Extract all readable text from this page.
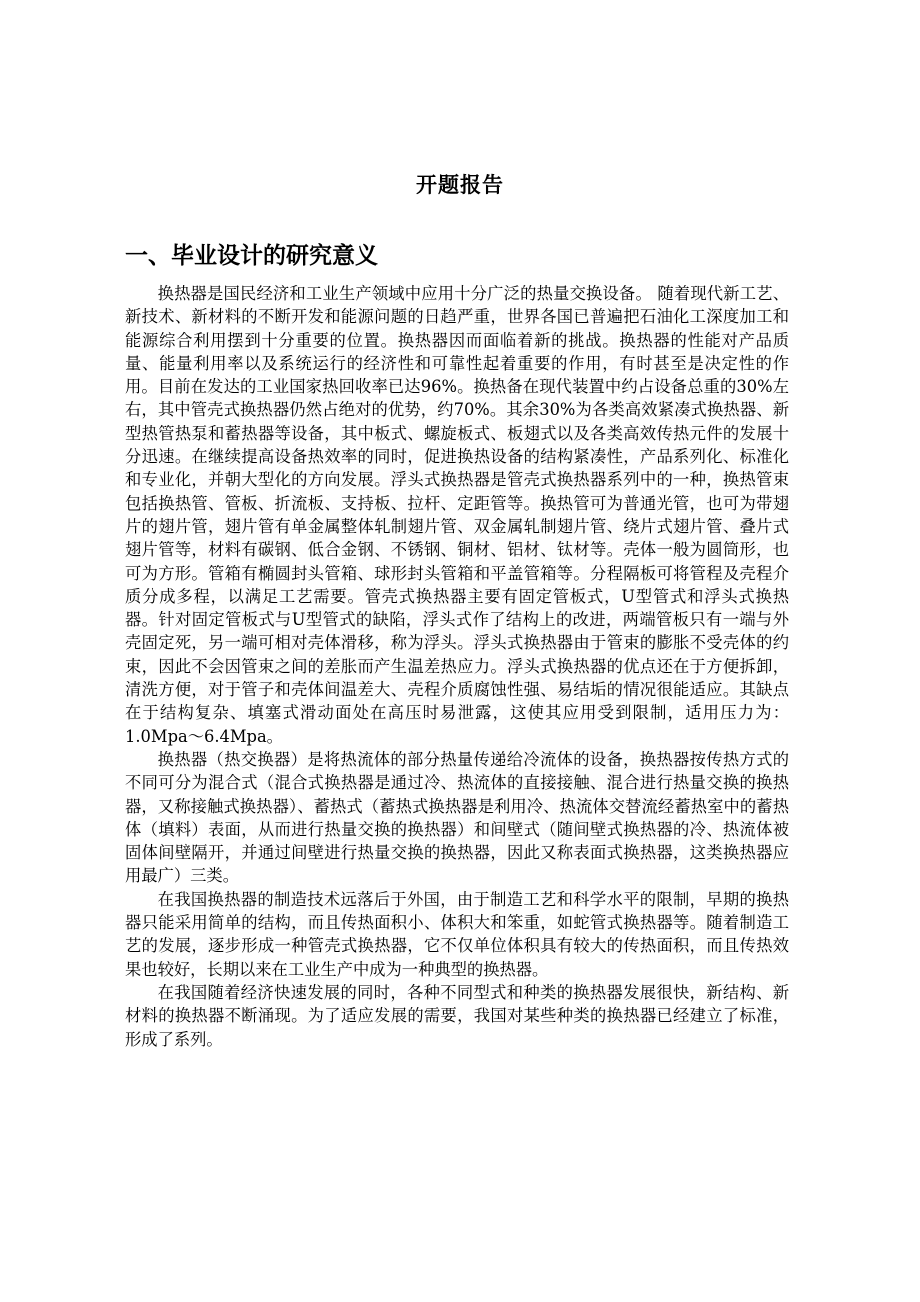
开题报告
一、毕业设计的研究意义

换热器是国民经济和工业生产领域中应用十分广泛的热量交换设备。 随着现代新工艺、新技术、新材料的不断开发和能源问题的日趋严重，世界各国已普遍把石油化工深度加工和能源综合利用摆到十分重要的位置。换热器因而面临着新的挑战。换热器的性能对产品质量、能量利用率以及系统运行的经济性和可靠性起着重要的作用，有时甚至是决定性的作用。目前在发达的工业国家热回收率已达96%。换热备在现代装置中约占设备总重的30%左右，其中管壳式换热器仍然占绝对的优势，约70%。其余30%为各类高效紧凑式换热器、新型热管热泵和蓄热器等设备，其中板式、螺旋板式、板翅式以及各类高效传热元件的发展十分迅速。在继续提高设备热效率的同时，促进换热设备的结构紧凑性，产品系列化、标准化和专业化，并朝大型化的方向发展。浮头式换热器是管壳式换热器系列中的一种，换热管束包括换热管、管板、折流板、支持板、拉杆、定距管等。换热管可为普通光管，也可为带翅片的翅片管，翅片管有单金属整体轧制翅片管、双金属轧制翅片管、绕片式翅片管、叠片式翅片管等，材料有碳钢、低合金钢、不锈钢、铜材、铝材、钛材等。壳体一般为圆筒形，也可为方形。管箱有椭圆封头管箱、球形封头管箱和平盖管箱等。分程隔板可将管程及壳程介质分成多程，以满足工艺需要。管壳式换热器主要有固定管板式，U型管式和浮头式换热器。针对固定管板式与U型管式的缺陷，浮头式作了结构上的改进，两端管板只有一端与外壳固定死，另一端可相对壳体滑移，称为浮头。浮头式换热器由于管束的膨胀不受壳体的约束，因此不会因管束之间的差胀而产生温差热应力。浮头式换热器的优点还在于方便拆卸，清洗方便，对于管子和壳体间温差大、壳程介质腐蚀性强、易结垢的情况很能适应。其缺点在于结构复杂、填塞式滑动面处在高压时易泄露，这使其应用受到限制，适用压力为：1.0Mpa～6.4Mpa。

换热器（热交换器）是将热流体的部分热量传递给冷流体的设备，换热器按传热方式的不同可分为混合式（混合式换热器是通过冷、热流体的直接接触、混合进行热量交换的换热器，又称接触式换热器）、蓄热式（蓄热式换热器是利用冷、热流体交替流经蓄热室中的蓄热体（填料）表面，从而进行热量交换的换热器）和间壁式（随间壁式换热器的冷、热流体被固体间壁隔开，并通过间壁进行热量交换的换热器，因此又称表面式换热器，这类换热器应用最广）三类。

在我国换热器的制造技术远落后于外国，由于制造工艺和科学水平的限制，早期的换热器只能采用简单的结构，而且传热面积小、体积大和笨重，如蛇管式换热器等。随着制造工艺的发展，逐步形成一种管壳式换热器，它不仅单位体积具有较大的传热面积，而且传热效果也较好，长期以来在工业生产中成为一种典型的换热器。

在我国随着经济快速发展的同时，各种不同型式和种类的换热器发展很快，新结构、新材料的换热器不断涌现。为了适应发展的需要，我国对某些种类的换热器已经建立了标准，形成了系列。
